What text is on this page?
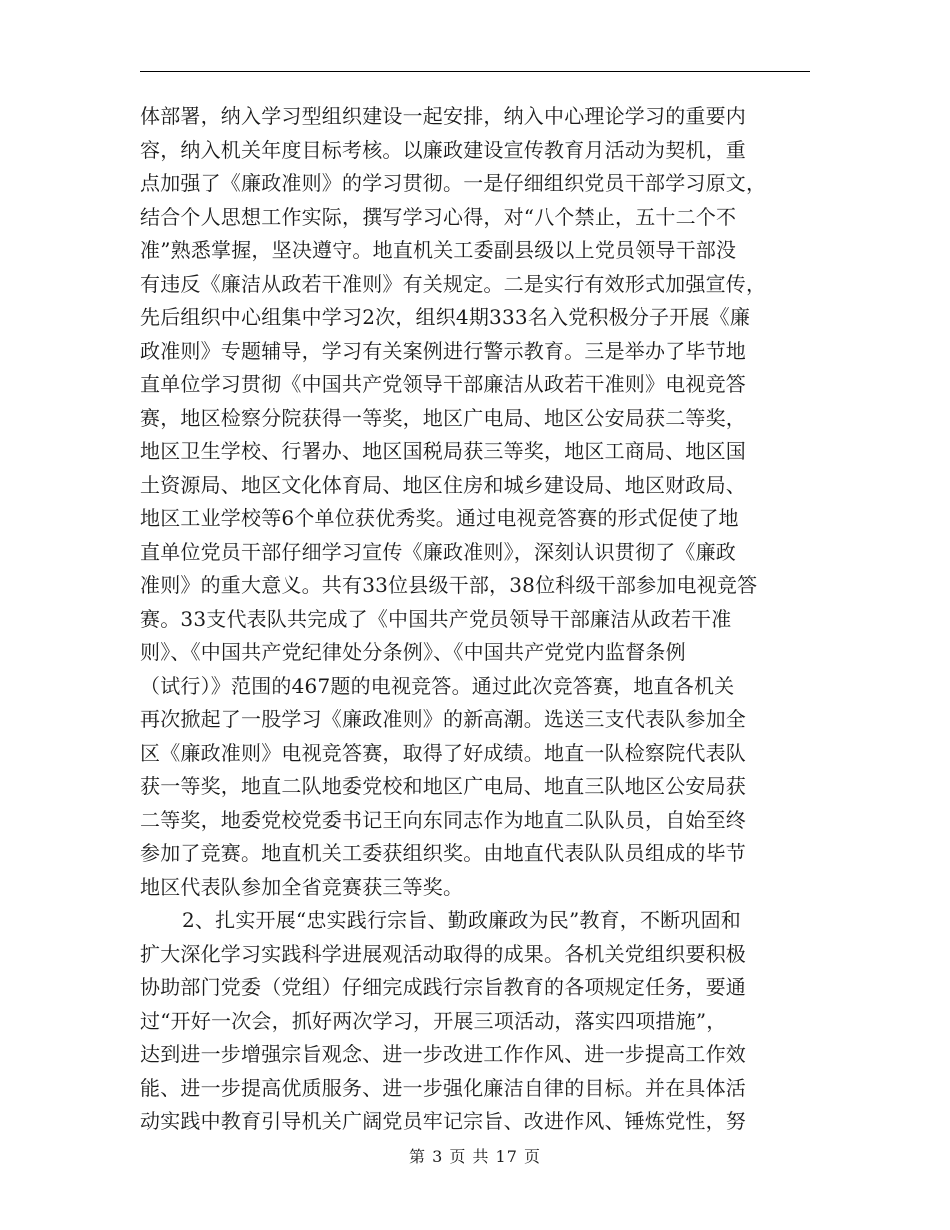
体部署，纳入学习型组织建设一起安排，纳入中心理论学习的重要内
容，纳入机关年度目标考核。以廉政建设宣传教育月活动为契机，重
点加强了《廉政准则》的学习贯彻。一是仔细组织党员干部学习原文，
结合个人思想工作实际，撰写学习心得，对“八个禁止，五十二个不
准”熟悉掌握，坚决遵守。地直机关工委副县级以上党员领导干部没
有违反《廉洁从政若干准则》有关规定。二是实行有效形式加强宣传，
先后组织中心组集中学习2次，组织4期333名入党积极分子开展《廉
政准则》专题辅导，学习有关案例进行警示教育。三是举办了毕节地
直单位学习贯彻《中国共产党领导干部廉洁从政若干准则》电视竞答
赛，地区检察分院获得一等奖，地区广电局、地区公安局获二等奖，
地区卫生学校、行署办、地区国税局获三等奖，地区工商局、地区国
土资源局、地区文化体育局、地区住房和城乡建设局、地区财政局、
地区工业学校等6个单位获优秀奖。通过电视竞答赛的形式促使了地
直单位党员干部仔细学习宣传《廉政准则》，深刻认识贯彻了《廉政
准则》的重大意义。共有33位县级干部，38位科级干部参加电视竞答
赛。33支代表队共完成了《中国共产党员领导干部廉洁从政若干准
则》、《中国共产党纪律处分条例》、《中国共产党党内监督条例
（试行）》范围的467题的电视竞答。通过此次竞答赛，地直各机关
再次掀起了一股学习《廉政准则》的新高潮。选送三支代表队参加全
区《廉政准则》电视竞答赛，取得了好成绩。地直一队检察院代表队
获一等奖，地直二队地委党校和地区广电局、地直三队地区公安局获
二等奖，地委党校党委书记王向东同志作为地直二队队员，自始至终
参加了竞赛。地直机关工委获组织奖。由地直代表队队员组成的毕节
地区代表队参加全省竞赛获三等奖。
2、扎实开展“忠实践行宗旨、勤政廉政为民”教育，不断巩固和
扩大深化学习实践科学进展观活动取得的成果。各机关党组织要积极
协助部门党委（党组）仔细完成践行宗旨教育的各项规定任务，要通
过“开好一次会，抓好两次学习，开展三项活动，落实四项措施”，
达到进一步增强宗旨观念、进一步改进工作作风、进一步提高工作效
能、进一步提高优质服务、进一步强化廉洁自律的目标。并在具体活
动实践中教育引导机关广阔党员牢记宗旨、改进作风、锤炼党性，努
第 3 页 共 17 页
